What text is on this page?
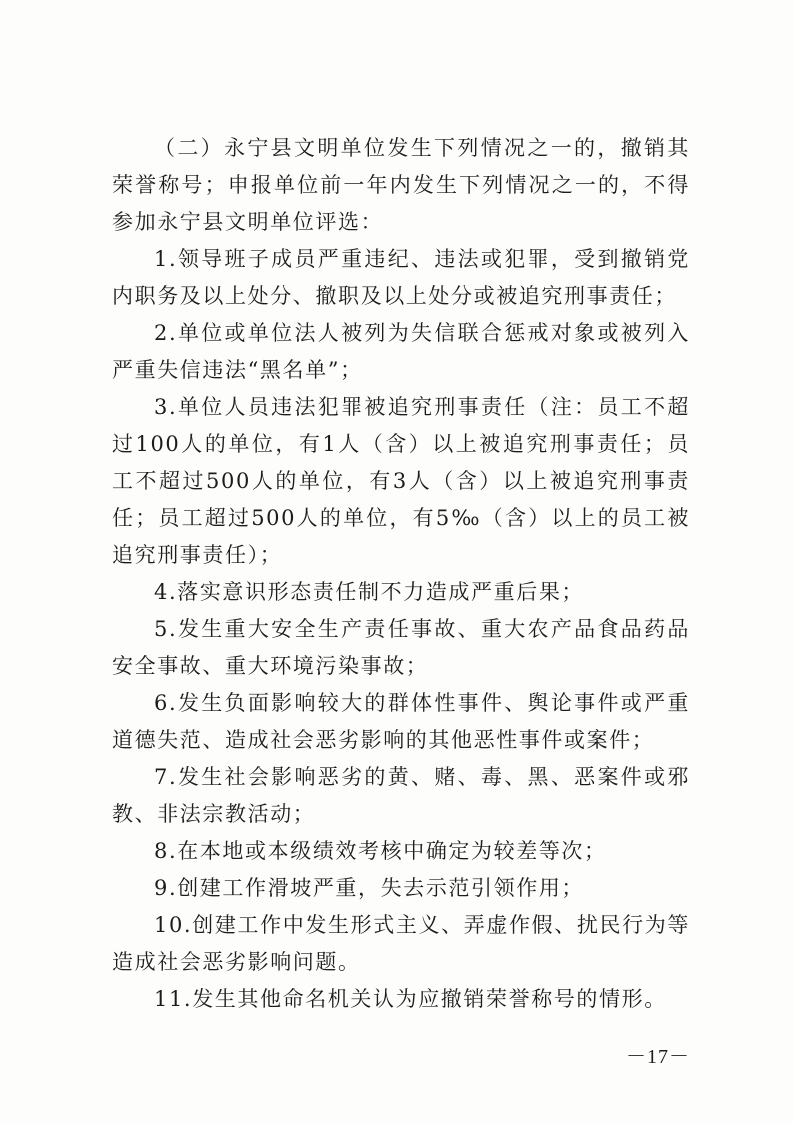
（二）永宁县文明单位发生下列情况之一的，撤销其荣誉称号；申报单位前一年内发生下列情况之一的，不得参加永宁县文明单位评选：

1.领导班子成员严重违纪、违法或犯罪，受到撤销党内职务及以上处分、撤职及以上处分或被追究刑事责任；

2.单位或单位法人被列为失信联合惩戒对象或被列入严重失信违法“黑名单”；

3.单位人员违法犯罪被追究刑事责任（注：员工不超过100人的单位，有1人（含）以上被追究刑事责任；员工不超过500人的单位，有3人（含）以上被追究刑事责任；员工超过500人的单位，有5‰（含）以上的员工被追究刑事责任）；

4.落实意识形态责任制不力造成严重后果；

5.发生重大安全生产责任事故、重大农产品食品药品安全事故、重大环境污染事故；

6.发生负面影响较大的群体性事件、舆论事件或严重道德失范、造成社会恶劣影响的其他恶性事件或案件；

7.发生社会影响恶劣的黄、赌、毒、黑、恶案件或邪教、非法宗教活动；

8.在本地或本级绩效考核中确定为较差等次；

9.创建工作滑坡严重，失去示范引领作用；

10.创建工作中发生形式主义、弄虚作假、扰民行为等造成社会恶劣影响问题。

11.发生其他命名机关认为应撤销荣誉称号的情形。

－17－
